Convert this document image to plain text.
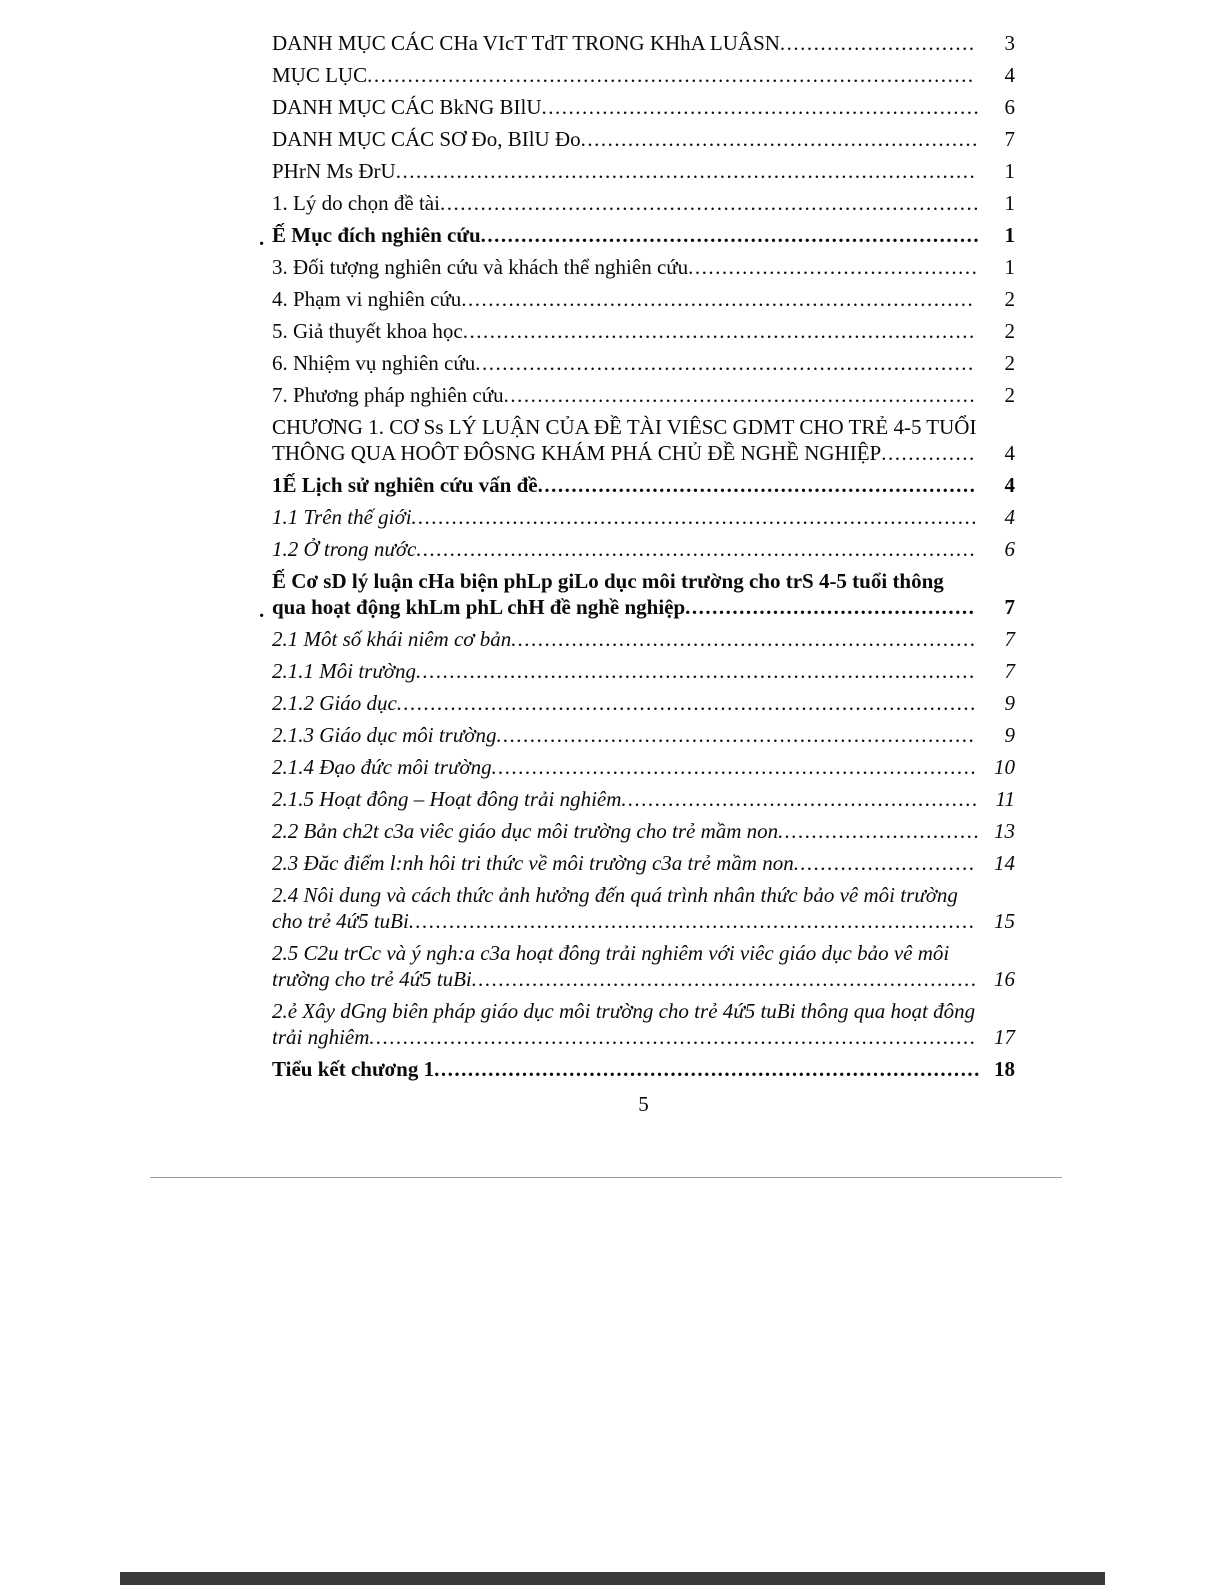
DANH MỤC CÁC CHa VIcT TdT TRONG KHhA LUÂSN............................. 3
MỤC LỤC.......................................................................................... 4
DANH MỤC CÁC BkNG BIlU................................................................. 6
DANH MỤC CÁC SƠ Đo, BIlU Đo........................................................... 7
PHrN Ms ĐrU...................................................................................... 1
1. Lý do chọn đề tài................................................................................ 1
. Ế Mục đích nghiên cứu.......................................................................... 1
3. Đối tượng nghiên cứu và khách thể nghiên cứu........................................... 1
4. Phạm vi nghiên cứu............................................................................ 2
5. Giả thuyết khoa học............................................................................ 2
6. Nhiệm vụ nghiên cứu.......................................................................... 2
7. Phương pháp nghiên cứu...................................................................... 2
CHƯƠNG 1. CƠ Ss LÝ LUẬN CỦA ĐỀ TÀI VIÊSC GDMT CHO TRẺ 4-5 TUỔI THÔNG QUA HOÔT ĐÔSNG KHÁM PHÁ CHỦ ĐỀ NGHỀ NGHIỆP.............. 4
1Ế Lịch sử nghiên cứu vấn đề................................................................. 4
1.1 Trên thế giới.................................................................................... 4
1.2 Ở trong nước................................................................................... 6
.
Ế Cơ sD lý luận cHa biện phLp giLo dục môi trường cho trS 4-5 tuổi thông qua hoạt động khLm phL chH đề nghề nghiệp........................................... 7
2.1 Môt số khái niêm cơ bản..................................................................... 7
2.1.1 Môi trường................................................................................... 7
2.1.2 Giáo dục...................................................................................... 9
2.1.3 Giáo dục môi trường....................................................................... 9
2.1.4 Đạo đức môi trường........................................................................ 10
2.1.5 Hoạt đông – Hoạt đông trải nghiêm..................................................... 11
2.2 Bản ch2t c3a viêc giáo dục môi trường cho trẻ mầm non.............................. 13
2.3 Đăc điểm l:nh hôi tri thức về môi trường c3a trẻ mầm non........................... 14
2.4 Nôi dung và cách thức ảnh hưởng đến quá trình nhân thức bảo vê môi trường cho trẻ 4ứ5 tuBi.................................................................................... 15
2.5 C2u trCc và ý ngh:a c3a hoạt đông trải nghiêm với viêc giáo dục bảo vê môi trường cho trẻ 4ứ5 tuBi........................................................................... 16
2.ẻ Xây dGng biên pháp giáo dục môi trường cho trẻ 4ứ5 tuBi thông qua hoạt đông trải nghiêm.......................................................................................... 17
Tiểu kết chương 1................................................................................. 18
5
